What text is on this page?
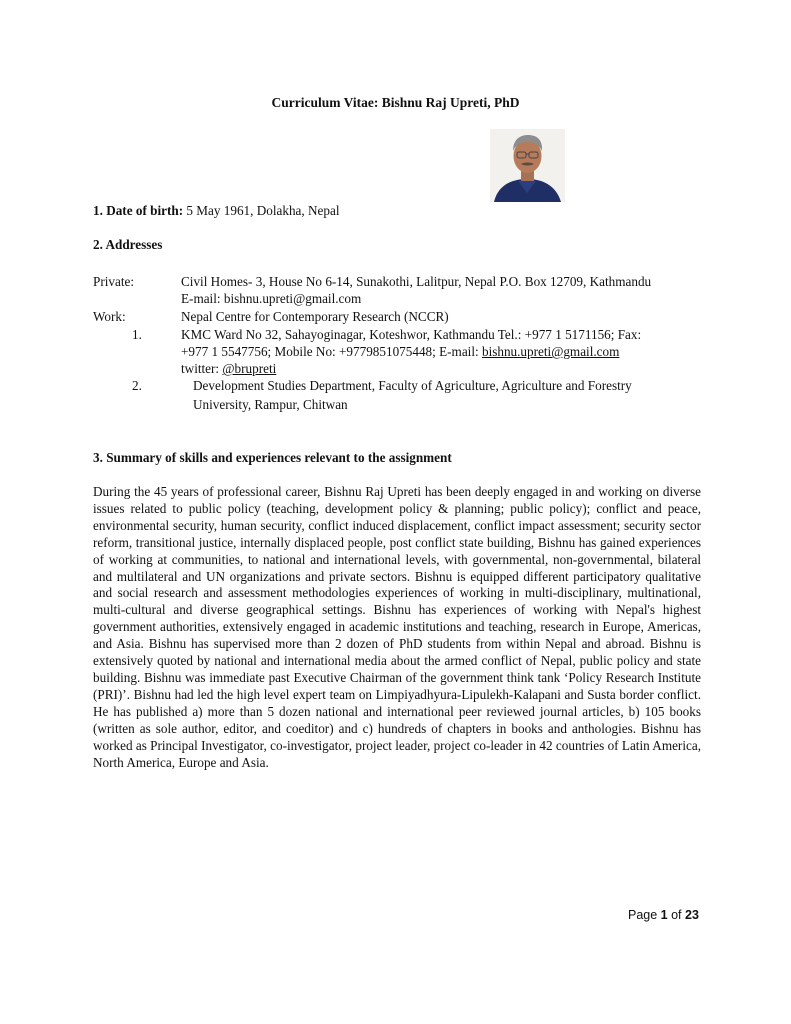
Curriculum Vitae: Bishnu Raj Upreti, PhD
1. Date of birth: 5 May 1961, Dolakha, Nepal
2. Addresses
Private:	Civil Homes- 3, House No 6-14, Sunakothi, Lalitpur, Nepal P.O. Box 12709, Kathmandu
E-mail: bishnu.upreti@gmail.com
Work:	Nepal Centre for Contemporary Research (NCCR)
1.	KMC Ward No 32, Sahayoginagar, Koteshwor, Kathmandu Tel.: +977 1 5171156; Fax:
+977 1 5547756; Mobile No: +9779851075448; E-mail: bishnu.upreti@gmail.com
twitter: @brupreti
2.	Development Studies Department, Faculty of Agriculture, Agriculture and Forestry
University, Rampur, Chitwan
3. Summary of skills and experiences relevant to the assignment
During the 45 years of professional career, Bishnu Raj Upreti has been deeply engaged in and working on diverse issues related to public policy (teaching, development policy & planning; public policy); conflict and peace, environmental security, human security, conflict induced displacement, conflict impact assessment; security sector reform, transitional justice, internally displaced people, post conflict state building, Bishnu has gained experiences of working at communities, to national and international levels, with governmental, non-governmental, bilateral and multilateral and UN organizations and private sectors. Bishnu is equipped different participatory qualitative and social research and assessment methodologies experiences of working in multi-disciplinary, multinational, multi-cultural and diverse geographical settings. Bishnu has experiences of working with Nepal's highest government authorities, extensively engaged in academic institutions and teaching, research in Europe, Americas, and Asia. Bishnu has supervised more than 2 dozen of PhD students from within Nepal and abroad. Bishnu is extensively quoted by national and international media about the armed conflict of Nepal, public policy and state building. Bishnu was immediate past Executive Chairman of the government think tank ‘Policy Research Institute (PRI)’. Bishnu had led the high level expert team on Limpiyadhyura-Lipulekh-Kalapani and Susta border conflict. He has published a) more than 5 dozen national and international peer reviewed journal articles, b) 105 books (written as sole author, editor, and coeditor) and c) hundreds of chapters in books and anthologies. Bishnu has worked as Principal Investigator, co-investigator, project leader, project co-leader in 42 countries of Latin America, North America, Europe and Asia.
Page 1 of 23
